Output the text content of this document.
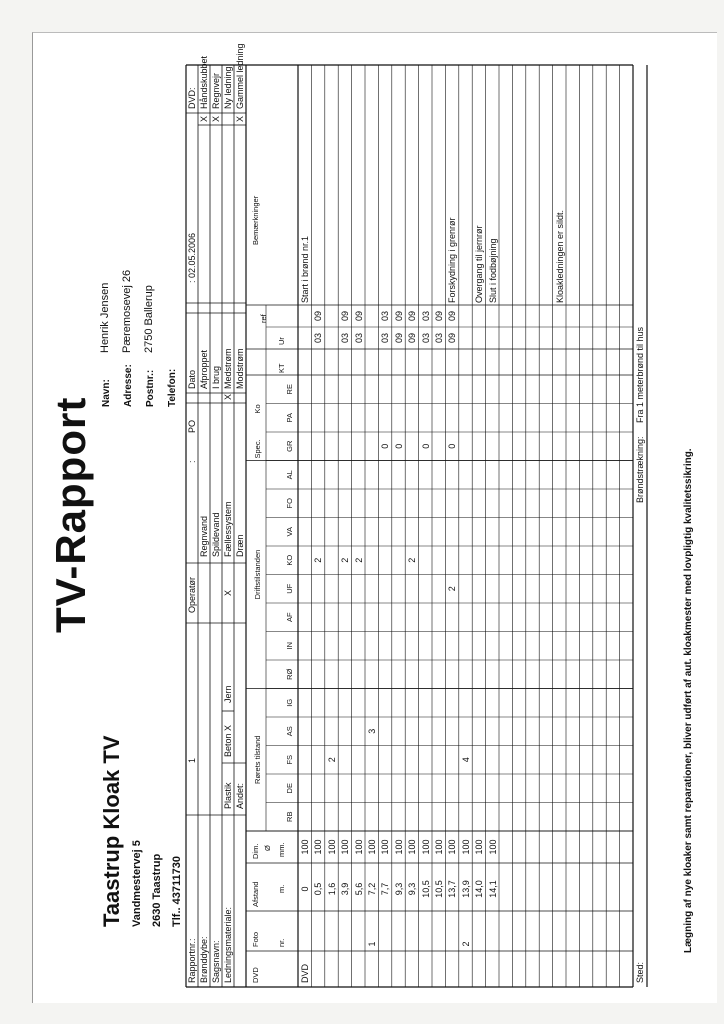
TV-Rapport
Taastrup Kloak TV Vandmestervej 5 2630 Taastrup Tlf.. 43711730
Navn:
Henrik Jensen
Adresse:
Pæremosevej 26
Postnr.:
2750 Ballerup
Telefon:
Rapportnr.:
1
Brønddybe: Sagsnavn: Ledningsmateriale:
Plastik
Beton X
Jern
Andet:
Operatør
:
PO
Regnvand Spildevand Fællessystem
X
Dræn
Dato
: 02.05.2006
Afproppet I brug Medstrøm
X
Modstrøm
DVD: Håndskubbet
X
Regnvejr
X
Ny ledning Gammel ledning
X
DVD
Foto nr.
Afstand m.
Dim. Ø mm.
Rørets tilstand
Driftstilstanden
Spec.
Ko
KT
Ur
ref
Bemærkninger
RB
DE
FS
AS
IG
RØ
IN
AF
UF
KO
VA
FO
AL
GR
PA
RE
DVD
0
100
Start i brønd nr.1
0,5
100
2
03
09
1,6
100
2
3,9
100
2
03
09
5,6
100
2
03
09
1
7,2
100
3
7,7
100
0
03
03
9,3
100
0
09
09
9,3
100
2
09
09
10,5
100
0
03
03
10,5
100
03
09
13,7
100
2
0
09
09
Forskydning i grenrør
2
13,9
100
4
14,0
100
Overgang til jernrør
14,1
100
Slut i fodbøjning	Kloakledningen er sildt.
Sted:
Brøndstrækning:
Fra 1 meterbrønd til hus
Lægning af nye kloaker samt reparationer, bliver udført af aut. kloakmester med lovpligtig kvalitetssikring.
